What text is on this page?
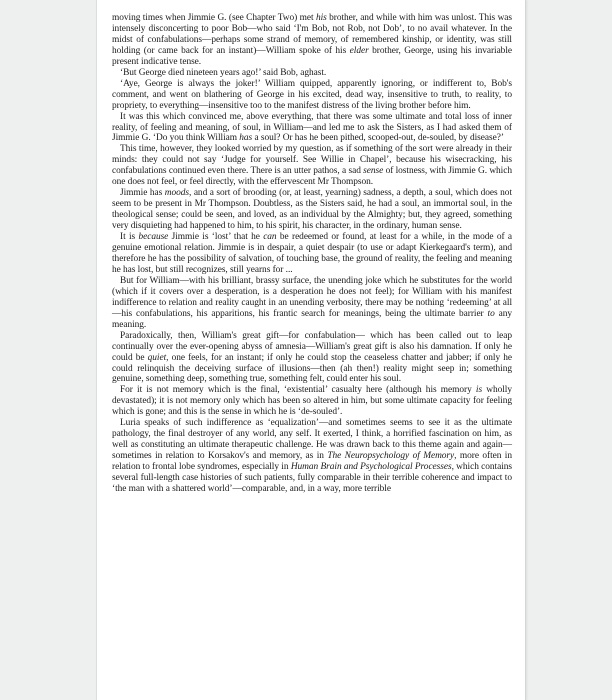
moving times when Jimmie G. (see Chapter Two) met his brother, and while with him was unlost. This was intensely disconcerting to poor Bob—who said ‘I'm Bob, not Rob, not Dob’, to no avail whatever. In the midst of confabulations—perhaps some strand of memory, of remembered kinship, or identity, was still holding (or came back for an instant)—William spoke of his elder brother, George, using his invariable present indicative tense.

‘But George died nineteen years ago!’ said Bob, aghast.

‘Aye, George is always the joker!’ William quipped, apparently ignoring, or indifferent to, Bob's comment, and went on blathering of George in his excited, dead way, insensitive to truth, to reality, to propriety, to everything—insensitive too to the manifest distress of the living brother before him.

It was this which convinced me, above everything, that there was some ultimate and total loss of inner reality, of feeling and meaning, of soul, in William—and led me to ask the Sisters, as I had asked them of Jimmie G. ‘Do you think William has a soul? Or has he been pithed, scooped-out, de-souled, by disease?’

This time, however, they looked worried by my question, as if something of the sort were already in their minds: they could not say ‘Judge for yourself. See Willie in Chapel’, because his wisecracking, his confabulations continued even there. There is an utter pathos, a sad sense of lostness, with Jimmie G. which one does not feel, or feel directly, with the effervescent Mr Thompson.

Jimmie has moods, and a sort of brooding (or, at least, yearning) sadness, a depth, a soul, which does not seem to be present in Mr Thompson. Doubtless, as the Sisters said, he had a soul, an immortal soul, in the theological sense; could be seen, and loved, as an individual by the Almighty; but, they agreed, something very disquieting had happened to him, to his spirit, his character, in the ordinary, human sense.

It is because Jimmie is ‘lost’ that he can be redeemed or found, at least for a while, in the mode of a genuine emotional relation. Jimmie is in despair, a quiet despair (to use or adapt Kierkegaard's term), and therefore he has the possibility of salvation, of touching base, the ground of reality, the feeling and meaning he has lost, but still recognizes, still yearns for ...

But for William—with his brilliant, brassy surface, the unending joke which he substitutes for the world (which if it covers over a desperation, is a desperation he does not feel); for William with his manifest indifference to relation and reality caught in an unending verbosity, there may be nothing ‘redeeming’ at all—his confabulations, his apparitions, his frantic search for meanings, being the ultimate barrier to any meaning.

Paradoxically, then, William's great gift—for confabulation— which has been called out to leap continually over the ever-opening abyss of amnesia—William's great gift is also his damnation. If only he could be quiet, one feels, for an instant; if only he could stop the ceaseless chatter and jabber; if only he could relinquish the deceiving surface of illusions—then (ah then!) reality might seep in; something genuine, something deep, something true, something felt, could enter his soul.

For it is not memory which is the final, ‘existential’ casualty here (although his memory is wholly devastated); it is not memory only which has been so altered in him, but some ultimate capacity for feeling which is gone; and this is the sense in which he is ‘de-souled’.

Luria speaks of such indifference as ‘equalization’—and sometimes seems to see it as the ultimate pathology, the final destroyer of any world, any self. It exerted, I think, a horrified fascination on him, as well as constituting an ultimate therapeutic challenge. He was drawn back to this theme again and again—sometimes in relation to Korsakov's and memory, as in The Neuropsychology of Memory, more often in relation to frontal lobe syndromes, especially in Human Brain and Psychological Processes, which contains several full-length case histories of such patients, fully comparable in their terrible coherence and impact to ‘the man with a shattered world’—comparable, and, in a way, more terrible
